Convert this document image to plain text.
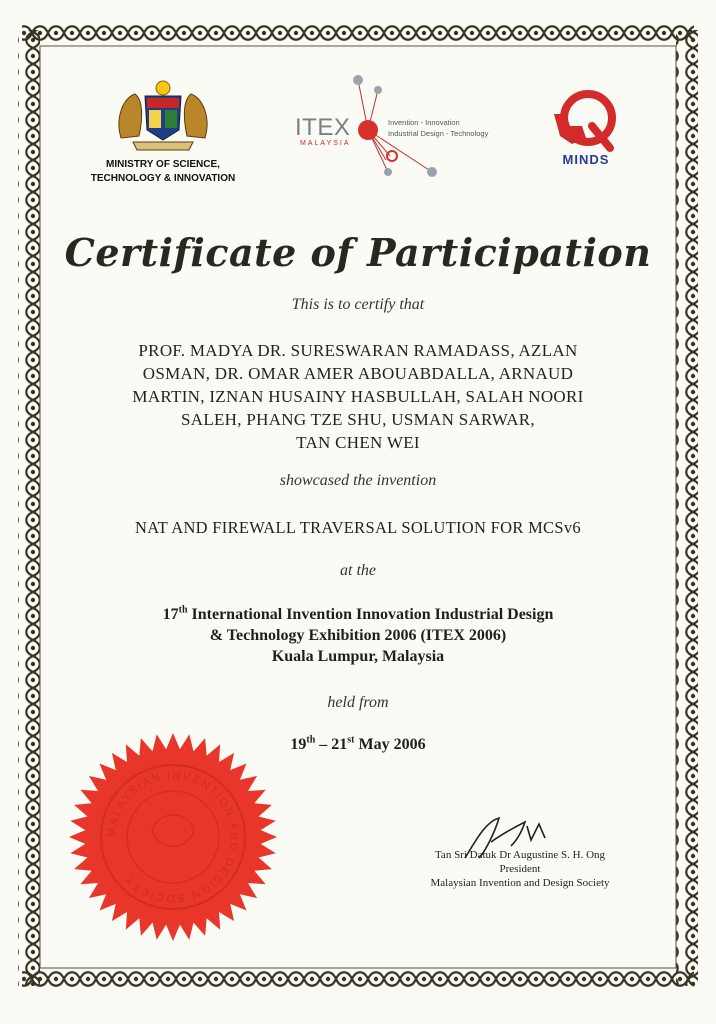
MINISTRY OF SCIENCE,
TECHNOLOGY & INNOVATION
ITEX
MALAYSIA
Invention - Innovation
Industrial Design - Technology
MINDS
Certificate of Participation
This is to certify that
PROF. MADYA DR. SURESWARAN RAMADASS, AZLAN
OSMAN, DR. OMAR AMER ABOUABDALLA, ARNAUD
MARTIN, IZNAN HUSAINY HASBULLAH, SALAH NOORI
SALEH, PHANG TZE SHU, USMAN SARWAR,
TAN CHEN WEI
showcased the invention
NAT AND FIREWALL TRAVERSAL SOLUTION FOR MCSv6
at the
17th International Invention Innovation Industrial Design
& Technology Exhibition 2006 (ITEX 2006)
Kuala Lumpur, Malaysia
held from
19th – 21st May 2006
MALAYSIAN INVENTION AND DESIGN SOCIETY
Tan Sri Datuk Dr Augustine S. H. Ong
President
Malaysian Invention and Design Society
